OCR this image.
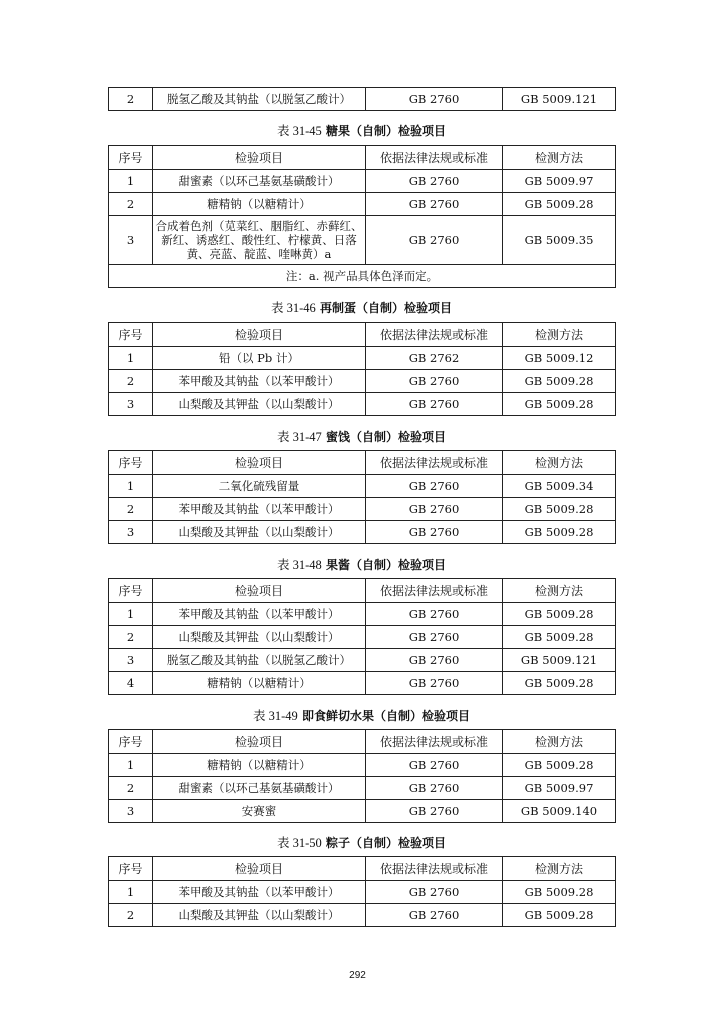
2	脱氢乙酸及其钠盐（以脱氢乙酸计）	GB 2760	GB 5009.121
表 31-45 糖果（自制）检验项目
序号	检验项目	依据法律法规或标准	检测方法
1	甜蜜素（以环己基氨基磺酸计）	GB 2760	GB 5009.97
2	糖精钠（以糖精计）	GB 2760	GB 5009.28
3	合成着色剂（苋菜红、胭脂红、赤藓红、新红、诱惑红、酸性红、柠檬黄、日落黄、亮蓝、靛蓝、喹啉黄）a	GB 2760	GB 5009.35
注：a. 视产品具体色泽而定。			
表 31-46 再制蛋（自制）检验项目
序号	检验项目	依据法律法规或标准	检测方法
1	铅（以 Pb 计）	GB 2762	GB 5009.12
2	苯甲酸及其钠盐（以苯甲酸计）	GB 2760	GB 5009.28
3	山梨酸及其钾盐（以山梨酸计）	GB 2760	GB 5009.28
表 31-47 蜜饯（自制）检验项目
序号	检验项目	依据法律法规或标准	检测方法
1	二氧化硫残留量	GB 2760	GB 5009.34
2	苯甲酸及其钠盐（以苯甲酸计）	GB 2760	GB 5009.28
3	山梨酸及其钾盐（以山梨酸计）	GB 2760	GB 5009.28
表 31-48 果酱（自制）检验项目
序号	检验项目	依据法律法规或标准	检测方法
1	苯甲酸及其钠盐（以苯甲酸计）	GB 2760	GB 5009.28
2	山梨酸及其钾盐（以山梨酸计）	GB 2760	GB 5009.28
3	脱氢乙酸及其钠盐（以脱氢乙酸计）	GB 2760	GB 5009.121
4	糖精钠（以糖精计）	GB 2760	GB 5009.28
表 31-49 即食鲜切水果（自制）检验项目
序号	检验项目	依据法律法规或标准	检测方法
1	糖精钠（以糖精计）	GB 2760	GB 5009.28
2	甜蜜素（以环己基氨基磺酸计）	GB 2760	GB 5009.97
3	安赛蜜	GB 2760	GB 5009.140
表 31-50 粽子（自制）检验项目
序号	检验项目	依据法律法规或标准	检测方法
1	苯甲酸及其钠盐（以苯甲酸计）	GB 2760	GB 5009.28
2	山梨酸及其钾盐（以山梨酸计）	GB 2760	GB 5009.28
292
